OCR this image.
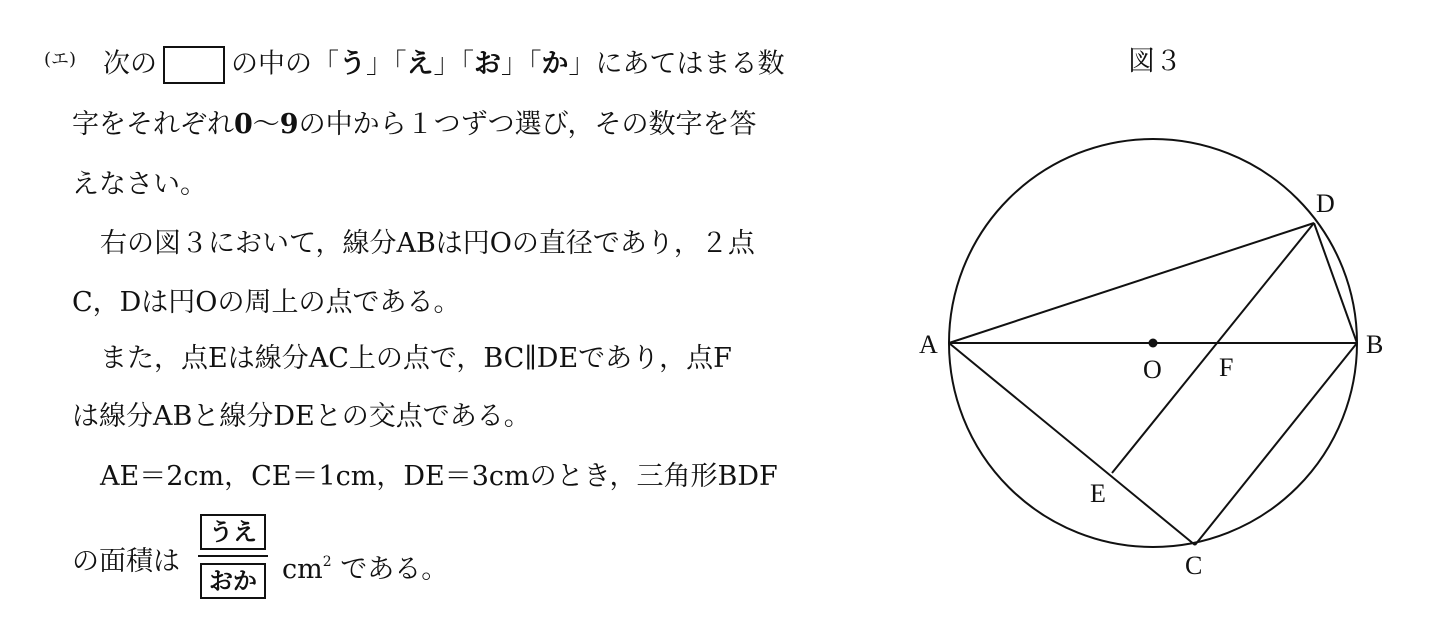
(エ) 次の	の中の「う」「え」「お」「か」にあてはまる数
字をそれぞれ0～9の中から１つずつ選び，その数字を答
えなさい。
右の図３において，線分ABは円Oの直径であり，２点
C，Dは円Oの周上の点である。
また，点Eは線分AC上の点で，BC∥DEであり，点F
は線分ABと線分DEとの交点である。
AE＝2cm，CE＝1cm，DE＝3cmのとき，三角形BDF
の面積は
うえ
おか $cm^2$ である。
図３
A	B
C
D
E
F
O
